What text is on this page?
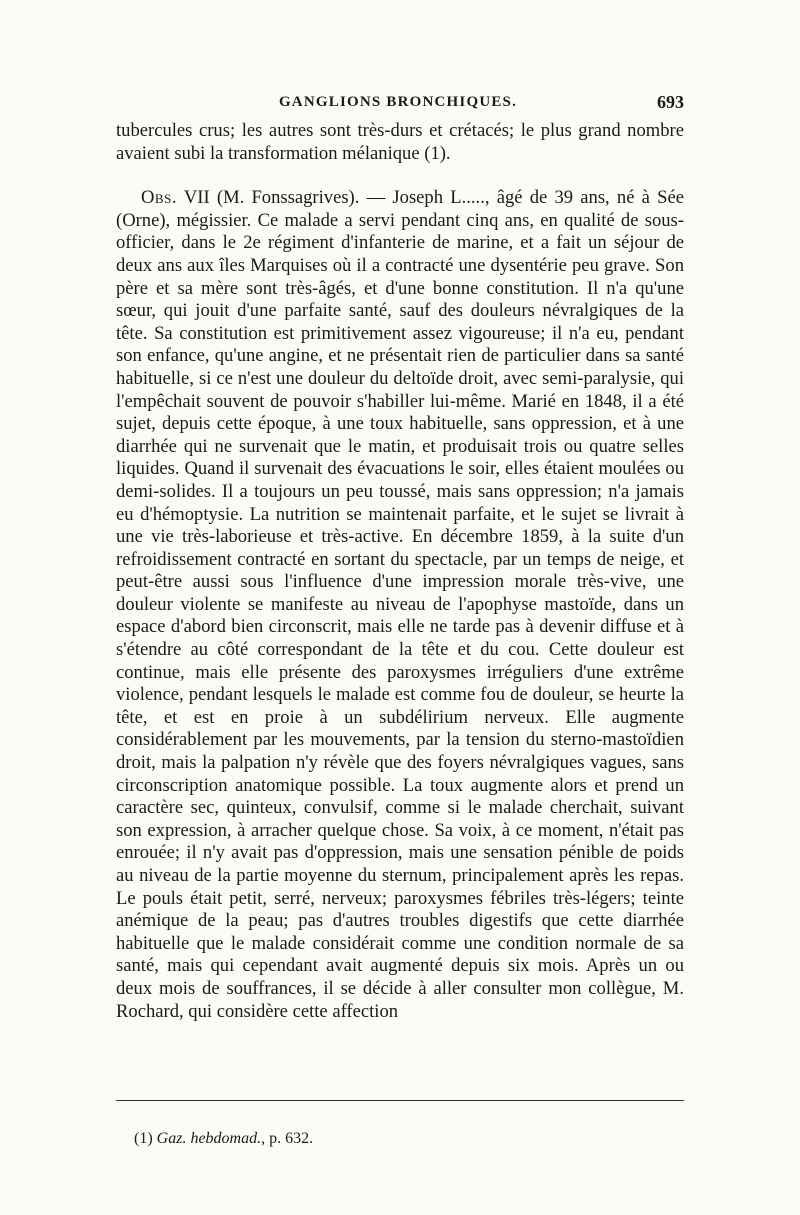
GANGLIONS BRONCHIQUES.	693

tubercules crus; les autres sont très-durs et crétacés; le plus grand nombre avaient subi la transformation mélanique (1).

Obs. VII (M. Fonssagrives). — Joseph L....., âgé de 39 ans, né à Sée (Orne), mégissier. Ce malade a servi pendant cinq ans, en qualité de sous-officier, dans le 2e régiment d'infanterie de marine, et a fait un séjour de deux ans aux îles Marquises où il a contracté une dysentérie peu grave. Son père et sa mère sont très-âgés, et d'une bonne constitution. Il n'a qu'une sœur, qui jouit d'une parfaite santé, sauf des douleurs névralgiques de la tête. Sa constitution est primitivement assez vigoureuse; il n'a eu, pendant son enfance, qu'une angine, et ne présentait rien de particulier dans sa santé habituelle, si ce n'est une douleur du deltoïde droit, avec semi-paralysie, qui l'empêchait souvent de pouvoir s'habiller lui-même. Marié en 1848, il a été sujet, depuis cette époque, à une toux habituelle, sans oppression, et à une diarrhée qui ne survenait que le matin, et produisait trois ou quatre selles liquides. Quand il survenait des évacuations le soir, elles étaient moulées ou demi-solides. Il a toujours un peu toussé, mais sans oppression; n'a jamais eu d'hémoptysie. La nutrition se maintenait parfaite, et le sujet se livrait à une vie très-laborieuse et très-active. En décembre 1859, à la suite d'un refroidissement contracté en sortant du spectacle, par un temps de neige, et peut-être aussi sous l'influence d'une impression morale très-vive, une douleur violente se manifeste au niveau de l'apophyse mastoïde, dans un espace d'abord bien circonscrit, mais elle ne tarde pas à devenir diffuse et à s'étendre au côté correspondant de la tête et du cou. Cette douleur est continue, mais elle présente des paroxysmes irréguliers d'une extrême violence, pendant lesquels le malade est comme fou de douleur, se heurte la tête, et est en proie à un subdélirium nerveux. Elle augmente considérablement par les mouvements, par la tension du sterno-mastoïdien droit, mais la palpation n'y révèle que des foyers névralgiques vagues, sans circonscription anatomique possible. La toux augmente alors et prend un caractère sec, quinteux, convulsif, comme si le malade cherchait, suivant son expression, à arracher quelque chose. Sa voix, à ce moment, n'était pas enrouée; il n'y avait pas d'oppression, mais une sensation pénible de poids au niveau de la partie moyenne du sternum, principalement après les repas. Le pouls était petit, serré, nerveux; paroxysmes fébriles très-légers; teinte anémique de la peau; pas d'autres troubles digestifs que cette diarrhée habituelle que le malade considérait comme une condition normale de sa santé, mais qui cependant avait augmenté depuis six mois. Après un ou deux mois de souffrances, il se décide à aller consulter mon collègue, M. Rochard, qui considère cette affection

(1) Gaz. hebdomad., p. 632.
